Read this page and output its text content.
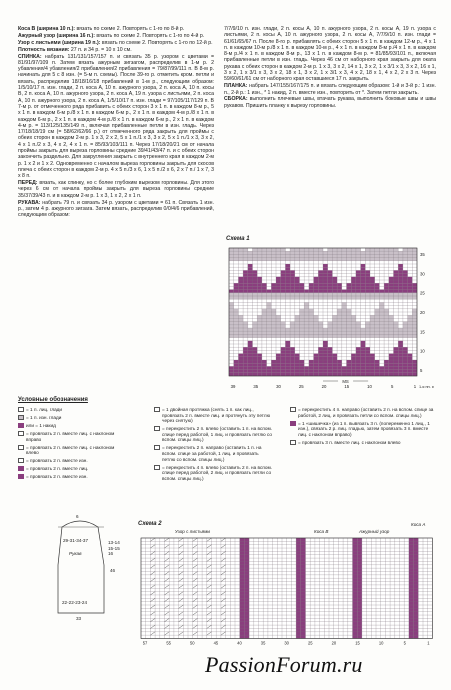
Коса В (ширина 10 п.): вязать по схеме 2. Повторять с 1-го по 8-й р.

Ажурный узор (ширина 16 п.): вязать по схеме 2. Повторять с 1-го по 4-й р.

Узор с листьями (ширина 19 п.): вязать по схеме 2. Повторять с 1-го по 12-й р.

Плотность вязания: 27 п. и 34 р. = 10 х 10 см.

СПИНКА: набрать 131/131/157/157 п. и связать 35 р. узором с цветами = 81/91/97/109 п. Затем вязать ажурным зигзагом, распределив в 1-м р. 2 убавления/4 убавления/2 прибавления/2 прибавления = 79/87/99/111 п. В 8-м р. начинать для 5 с 8 изн. (= 5-м п. схемы). После 39-го р. отметить кром. петли и вязать, распределив 18/18/16/18 прибавлений в 1-м р., следующим образом: 1/5/10/17 п. изн. глади, 2 п. коса А, 10 п. ажурного узора, 2 п. коса А, 10 п. косы В, 2 п. коса А, 10 п. ажурного узора, 2 п. коса А, 19 п. узора с листьями, 2 п. коса А, 10 п. ажурного узора, 2 п. коса А, 1/5/10/17 п. изн. глади = 97/105/117/129 п. В 7-м р. от отмеченного ряда прибавить с обеих сторон 3 х 1 п. в каждом 8-м р., 5 х 1 п. в каждом 6-м р./8 х 1 п. в каждом 6-м р., 2 х 1 п. в каждом 4-м р./8 х 1 п. в каждом 6-м р., 2 х 1 п. в каждом 4-м р./8 х 1 п. в каждом 6-м р., 2 х 1 п. в каждом 4-м р. = 113/125/135/149 п., включая прибавленные петли в изн. гладь. Через 17/18/18/19 см (= 58/62/62/66 р.) от отмеченного ряда закрыть для проймы с обеих сторон в каждом 2-м р. 1 х 3, 2 х 2, 5 х 1 п./1 х 3, 3 х 2, 5 х 1 п./1 х 3, 3 х 2, 4 х 1 п./2 х 3, 4 х 2, 4 х 1 п. = 85/93/103/111 п. Через 17/18/20/21 см от начала проймы закрыть для выреза горловины средние 39/41/43/47 п. и с обеих сторон закончить раздельно. Для закругления закрыть с внутреннего края в каждом 2-м р. 1 х 2 и 1 х 2. Одновременно с началом выреза горловины закрыть для скосов плеча с обеих сторон в каждом 2-м р. 4 х 5 п./3 х 6, 1 х 5 п./2 х 6, 2 х 7 п./ 1 х 7, 3 х 8 п.

ПЕРЕД: вязать, как спинку, но с более глубоким вырезом горловины. Для этого через 6 см от начала проймы закрыть для выреза горловины средние 35/37/39/43 п. и в каждом 2-м р. 1 х 3, 1 х 2, 2 х 1 п.

РУКАВА: набрать 79 п. и связать 34 р. узором с цветами = 61 п. Связать 1 изн. р., затем 4 р. ажурного зигзага. Затем вязать, распределив 0/0/4/6 прибавлений, следующим образом:

7/7/9/10 п. изн. глади, 2 п. косы А, 10 п. ажурного узора, 2 п. косы А, 19 п. узора с листьями, 2 п. косы А, 10 п. ажурного узора, 2 п. косы А, 7/7/9/10 п. изн. глади = 61/61/65/67 п. После 8-го р. прибавлять с обеих сторон 5 х 1 п. в каждом 12-м р., 4 х 1 п. в каждом 10-м р./8 х 1 п. в каждом 10-м р., 4 х 1 п. в каждом 8-м р./4 х 1 п. в каждом 8-м р./4 х 1 п. в каждом 8-м р., 13 х 1 п. в каждом 8-м р. = 81/85/93/101 п., включая прибавленные петли в изн. гладь. Через 46 см от наборного края закрыть для оката рукава с обеих сторон в каждом 2-м р. 1 х 3, 3 х 2, 14 х 1, 3 х 2, 1 х 3/1 х 3, 3 х 2, 16 х 1, 3 х 2, 1 х 3/1 х 3, 3 х 2, 18 х 1, 3 х 2, 1 х 3/1 х 3, 4 х 2, 18 х 1, 4 х 2, 2 х 3 п. Через 59/60/61/61 см от наборного края оставшиеся 17 п. закрыть.

ПЛАНКА: набрать 147/155/167/175 п. и вязать следующим образом: 1-й и 3-й р.: 1 изн. п., 2-й р.: 1 изн., * 1 накид, 2 п. вместе изн., повторить от *. Затем петли закрыть.

СБОРКА: выполнить плечевые швы, втачать рукава, выполнить боковые швы и швы рукавов. Пришить планку к вырезу горловины.

Схема 1
39	35	30	25	20	15	10	5	1
35
30
25
20
15
10
5
MS
1-я пн. р
Условные обозначения
= 1 п. лиц. глади
= 1 п. изн. глади
или = 1 накид
= провязать 2 п. вместе лиц. с наклоном вправо
= провязать 2 п. вместе лиц. с наклоном влево
= провязать 2 п. вместе изн.
= провязать 2 п. вместе лиц.
= провязать 2 п. вместе изн.
= 1 двойная протяжка (снять 1 п. как лиц., провязать 2 п. вместе лиц. и протянуть эту петлю через снятую)
= перекрестить 2 п. влево (оставить 1 п. на вспом. спице перед работой, 1 лиц. и провязать петлю со вспом. спицы лиц.)
= перекрестить 2 п. направо (оставить 1 п. на вспом. спице за работой, 1 лиц. и провязать петлю со вспом. спицы лиц.)
= перекрестить 4 п. влево (оставить 2 п. на вспом. спице перед работой, 2 лиц. и провязать петли со вспом. спицы лиц.)
= перекрестить 4 п. направо (оставить 2 п. на вспом. спице за работой, 2 лиц. и провязать петли со вспом. спицы лиц.)
= 1 «шишечка» (из 1 п. вывязать 3 п. (попеременно 1 лиц., 1 изн.), связать 2 р. лиц. гладью, затем провязать 3 п. вместе лиц. с наклоном вправо)
= провязать 3 п. вместе лиц. с наклоном влево
6
29-31-34-37
Рукав
13-14
15-15
16
46
22-22-23-24
33
Схема 2
Узор с листьями	Коса В	Ажурный узор
Коса А
57	55	50	45	40	35	30	25	20	15	10	5	1
PassionForum.ru
